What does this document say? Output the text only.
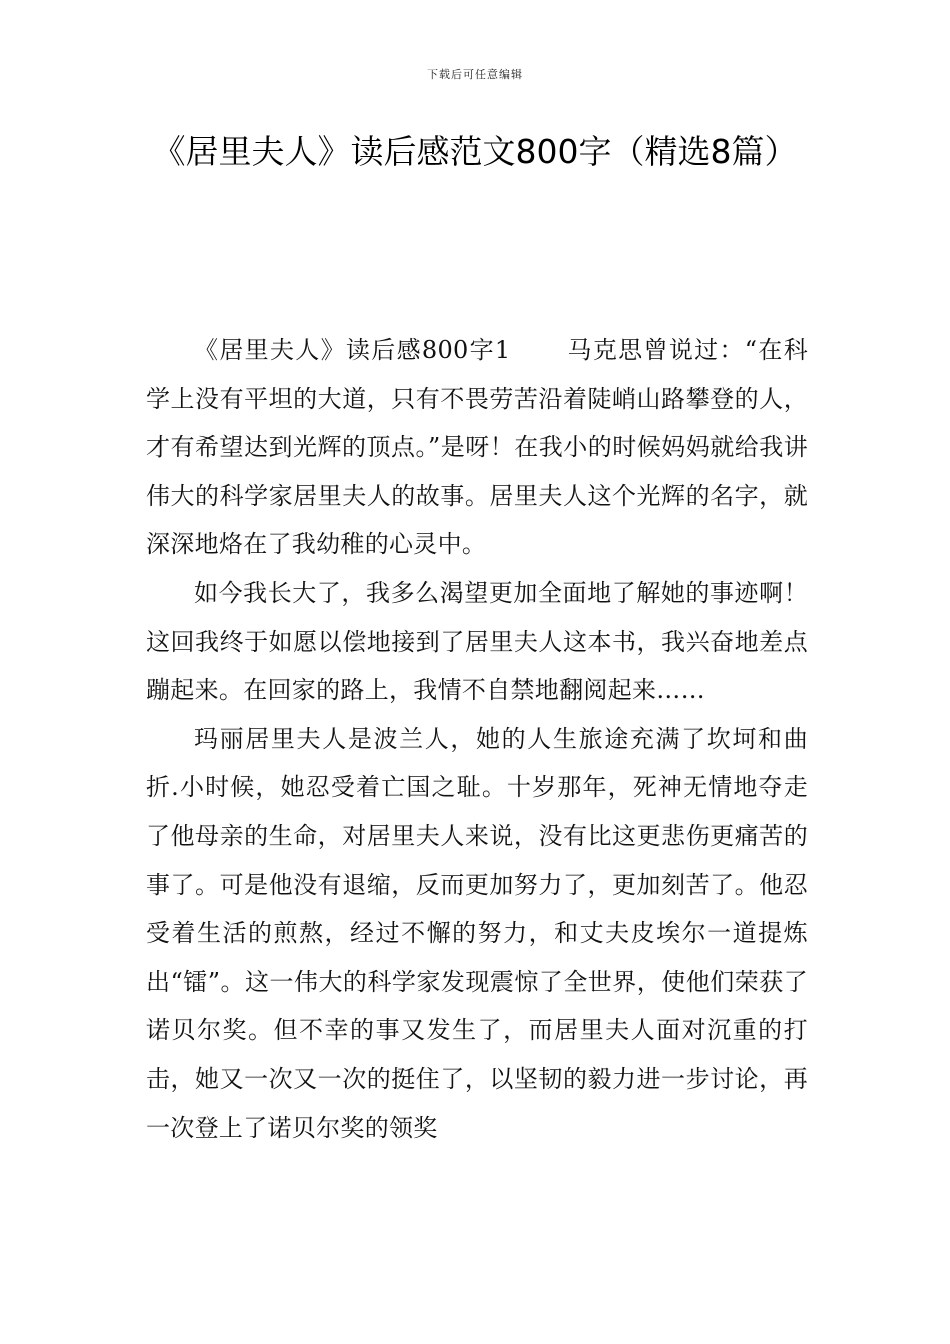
下载后可任意编辑
《居里夫人》读后感范文800字（精选8篇）

《居里夫人》读后感800字1 马克思曾说过：“在科学上没有平坦的大道，只有不畏劳苦沿着陡峭山路攀登的人，才有希望达到光辉的顶点。”是呀！在我小的时候妈妈就给我讲伟大的科学家居里夫人的故事。居里夫人这个光辉的名字，就深深地烙在了我幼稚的心灵中。

如今我长大了，我多么渴望更加全面地了解她的事迹啊！这回我终于如愿以偿地接到了居里夫人这本书，我兴奋地差点蹦起来。在回家的路上，我情不自禁地翻阅起来……

玛丽居里夫人是波兰人，她的人生旅途充满了坎坷和曲折.小时候，她忍受着亡国之耻。十岁那年，死神无情地夺走了他母亲的生命，对居里夫人来说，没有比这更悲伤更痛苦的事了。可是他没有退缩，反而更加努力了，更加刻苦了。他忍受着生活的煎熬，经过不懈的努力，和丈夫皮埃尔一道提炼出“镭”。这一伟大的科学家发现震惊了全世界，使他们荣获了诺贝尔奖。但不幸的事又发生了，而居里夫人面对沉重的打击，她又一次又一次的挺住了，以坚韧的毅力进一步讨论，再一次登上了诺贝尔奖的领奖
